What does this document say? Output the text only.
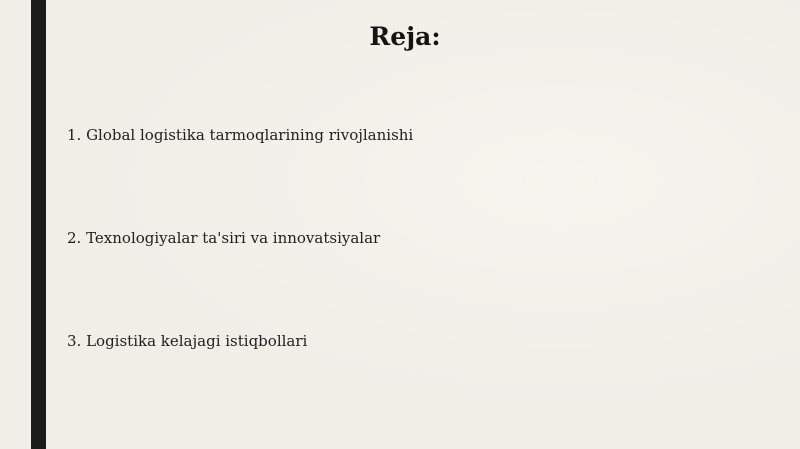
Reja:
1. Global logistika tarmoqlarining rivojlanishi
2. Texnologiyalar ta'siri va innovatsiyalar
3. Logistika kelajagi istiqbollari
